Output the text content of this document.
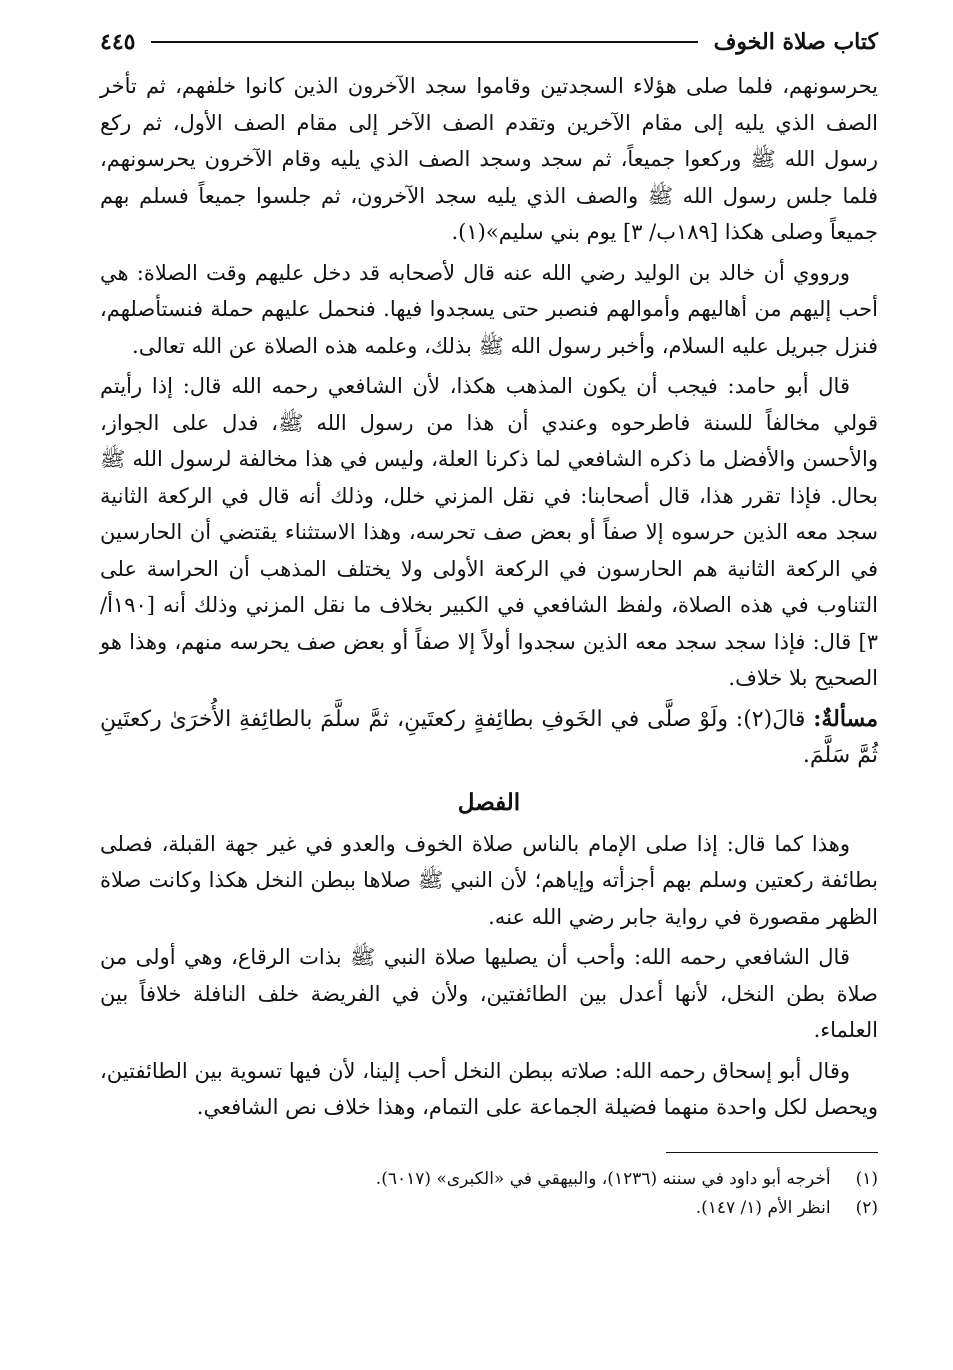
كتاب صلاة الخوف
٤٤٥

يحرسونهم، فلما صلى هؤلاء السجدتين وقاموا سجد الآخرون الذين كانوا خلفهم، ثم تأخر الصف الذي يليه إلى مقام الآخرين وتقدم الصف الآخر إلى مقام الصف الأول، ثم ركع رسول الله ﷺ وركعوا جميعاً، ثم سجد وسجد الصف الذي يليه وقام الآخرون يحرسونهم، فلما جلس رسول الله ﷺ والصف الذي يليه سجد الآخرون، ثم جلسوا جميعاً فسلم بهم جميعاً وصلى هكذا [١٨٩ب/ ٣] يوم بني سليم»(١).

ورووي أن خالد بن الوليد رضي الله عنه قال لأصحابه قد دخل عليهم وقت الصلاة: هي أحب إليهم من أهاليهم وأموالهم فنصبر حتى يسجدوا فيها. فنحمل عليهم حملة فنستأصلهم، فنزل جبريل عليه السلام، وأخبر رسول الله ﷺ بذلك، وعلمه هذه الصلاة عن الله تعالى.

قال أبو حامد: فيجب أن يكون المذهب هكذا، لأن الشافعي رحمه الله قال: إذا رأيتم قولي مخالفاً للسنة فاطرحوه وعندي أن هذا من رسول الله ﷺ، فدل على الجواز، والأحسن والأفضل ما ذكره الشافعي لما ذكرنا العلة، وليس في هذا مخالفة لرسول الله ﷺ بحال. فإذا تقرر هذا، قال أصحابنا: في نقل المزني خلل، وذلك أنه قال في الركعة الثانية سجد معه الذين حرسوه إلا صفاً أو بعض صف تحرسه، وهذا الاستثناء يقتضي أن الحارسين في الركعة الثانية هم الحارسون في الركعة الأولى ولا يختلف المذهب أن الحراسة على التناوب في هذه الصلاة، ولفظ الشافعي في الكبير بخلاف ما نقل المزني وذلك أنه [١٩٠أ/ ٣] قال: فإذا سجد سجد معه الذين سجدوا أولاً إلا صفاً أو بعض صف يحرسه منهم، وهذا هو الصحيح بلا خلاف.

مسألةٌ: قالَ(٢): ولَوْ صلَّى في الخَوفِ بطائِفةٍ ركعتَينِ، ثمَّ سلَّمَ بالطائِفةِ الأُخرَىٰ ركعتَينِ ثُمَّ سَلَّمَ.

الفصل

وهذا كما قال: إذا صلى الإمام بالناس صلاة الخوف والعدو في غير جهة القبلة، فصلى بطائفة ركعتين وسلم بهم أجزأته وإياهم؛ لأن النبي ﷺ صلاها ببطن النخل هكذا وكانت صلاة الظهر مقصورة في رواية جابر رضي الله عنه.

قال الشافعي رحمه الله: وأحب أن يصليها صلاة النبي ﷺ بذات الرقاع، وهي أولى من صلاة بطن النخل، لأنها أعدل بين الطائفتين، ولأن في الفريضة خلف النافلة خلافاً بين العلماء.

وقال أبو إسحاق رحمه الله: صلاته ببطن النخل أحب إلينا، لأن فيها تسوية بين الطائفتين، ويحصل لكل واحدة منهما فضيلة الجماعة على التمام، وهذا خلاف نص الشافعي.

(١) أخرجه أبو داود في سننه (١٢٣٦)، والبيهقي في «الكبرى» (٦٠١٧).

(٢) انظر الأم (١/ ١٤٧).
